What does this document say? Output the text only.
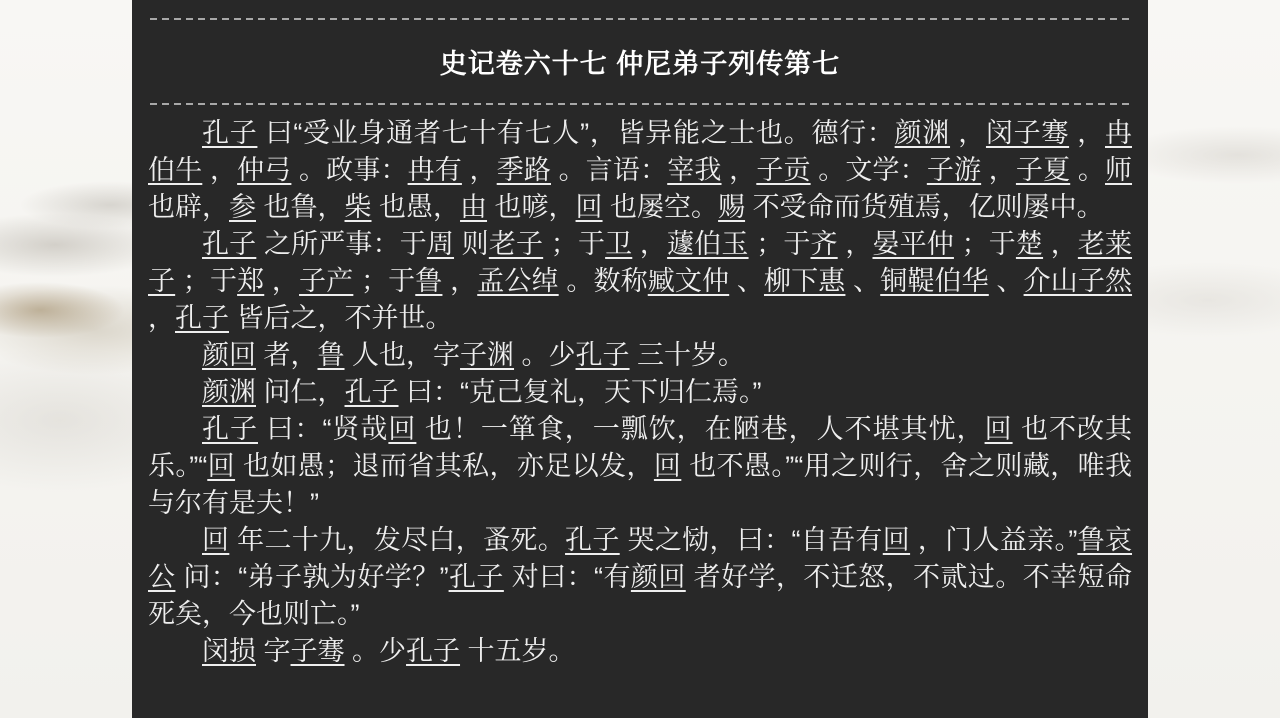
史记卷六十七 仲尼弟子列传第七

孔子 曰“受业身通者七十有七人”，皆异能之士也。德行：颜渊 ，闵子骞 ，冉伯牛 ，仲弓 。政事：冉有 ，季路 。言语：宰我 ，子贡 。文学：子游 ，子夏 。师 也辟，参 也鲁，柴 也愚，由 也喭，回 也屡空。赐 不受命而货殖焉，亿则屡中。

孔子 之所严事：于周 则老子 ；于卫 ，蘧伯玉 ；于齐 ，晏平仲 ；于楚 ，老莱子 ；于郑 ，子产 ；于鲁 ，孟公绰 。数称臧文仲 、柳下惠 、铜鞮伯华 、介山子然 ，孔子 皆后之，不并世。

颜回 者，鲁 人也，字子渊 。少孔子 三十岁。

颜渊 问仁，孔子 曰：“克己复礼，天下归仁焉。”

孔子 曰：“贤哉回 也！一箪食，一瓢饮，在陋巷，人不堪其忧，回 也不改其乐。”“回 也如愚；退而省其私，亦足以发，回 也不愚。”“用之则行，舍之则藏，唯我与尔有是夫！”

回 年二十九，发尽白，蚤死。孔子 哭之恸，曰：“自吾有回 ，门人益亲。”鲁哀公 问：“弟子孰为好学？”孔子 对曰：“有颜回 者好学，不迁怒，不贰过。不幸短命死矣，今也则亡。”

闵损 字子骞 。少孔子 十五岁。
